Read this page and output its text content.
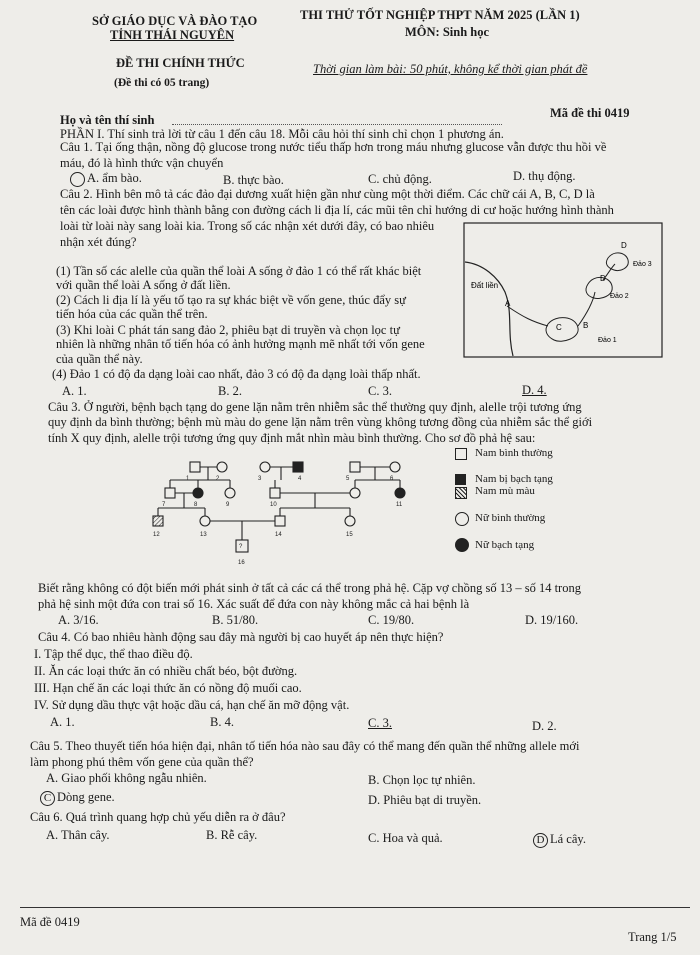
SỞ GIÁO DỤC VÀ ĐÀO TẠO
TỈNH THÁI NGUYÊN
THI THỬ TỐT NGHIỆP THPT NĂM 2025 (LẦN 1)
MÔN: Sinh học
ĐỀ THI CHÍNH THỨC
(Đề thi có 05 trang)
Thời gian làm bài: 50 phút, không kể thời gian phát đề
Họ và tên thí sinh	Mã đề thi 0419
PHẦN I. Thí sinh trả lời từ câu 1 đến câu 18. Mỗi câu hỏi thí sinh chỉ chọn 1 phương án.
Câu 1. Tại ống thận, nồng độ glucose trong nước tiểu thấp hơn trong máu nhưng glucose vẫn được thu hồi về
máu, đó là hình thức vận chuyển
A. ẩm bào.	B. thực bào.	C. chủ động.	D. thụ động.
Câu 2. Hình bên mô tả các đảo đại dương xuất hiện gần như cùng một thời điểm. Các chữ cái A, B, C, D là
tên các loài được hình thành bằng con đường cách li địa lí, các mũi tên chỉ hướng di cư hoặc hướng hình thành
loài từ loài này sang loài kia. Trong số các nhận xét dưới đây, có bao nhiêu
nhận xét đúng?
(1) Tần số các alelle của quần thể loài A sống ở đảo 1 có thể rất khác biệt
với quần thể loài A sống ở đất liền.
(2) Cách li địa lí là yếu tố tạo ra sự khác biệt về vốn gene, thúc đẩy sự
tiến hóa của các quần thể trên.
(3) Khi loài C phát tán sang đảo 2, phiêu bạt di truyền và chọn lọc tự
nhiên là những nhân tố tiến hóa có ảnh hưởng mạnh mẽ nhất tới vốn gene
của quần thể này.
(4) Đảo 1 có độ đa dạng loài cao nhất, đảo 3 có độ đa dạng loài thấp nhất.
A. 1.	B. 2.	C. 3.	D. 4.
Đất liền
A
B
C
D
D
Đảo 1
Đảo 2
Đảo 3
Câu 3. Ở người, bệnh bạch tạng do gene lặn nằm trên nhiễm sắc thể thường quy định, alelle trội tương ứng
quy định da bình thường; bệnh mù màu do gene lặn nằm trên vùng không tương đồng của nhiễm sắc thể giới
tính X quy định, alelle trội tương ứng quy định mắt nhìn màu bình thường. Cho sơ đồ phả hệ sau:
1	2	3	4	5	6
7	8	9	10	11
12	13	14	15
?
16
Nam bình thường
Nam bị bạch tạng
Nam mù màu
Nữ bình thường
Nữ bạch tạng
Biết rằng không có đột biến mới phát sinh ở tất cả các cá thể trong phả hệ. Cặp vợ chồng số 13 – số 14 trong
phả hệ sinh một đứa con trai số 16. Xác suất để đứa con này không mắc cả hai bệnh là
A. 3/16.	B. 51/80.	C. 19/80.	D. 19/160.
Câu 4. Có bao nhiêu hành động sau đây mà người bị cao huyết áp nên thực hiện?
I. Tập thể dục, thể thao điều độ.
II. Ăn các loại thức ăn có nhiều chất béo, bột đường.
III. Hạn chế ăn các loại thức ăn có nồng độ muối cao.
IV. Sử dụng dầu thực vật hoặc dầu cá, hạn chế ăn mỡ động vật.
A. 1.	B. 4.	C. 3.	D. 2.
Câu 5. Theo thuyết tiến hóa hiện đại, nhân tố tiến hóa nào sau đây có thể mang đến quần thể những allele mới
làm phong phú thêm vốn gene của quần thể?
A. Giao phối không ngẫu nhiên.	B. Chọn lọc tự nhiên.
C Dòng gene.	D. Phiêu bạt di truyền.
Câu 6. Quá trình quang hợp chủ yếu diễn ra ở đâu?
A. Thân cây.	B. Rễ cây.	C. Hoa và quả.	D Lá cây.
Mã đề 0419
Trang 1/5
